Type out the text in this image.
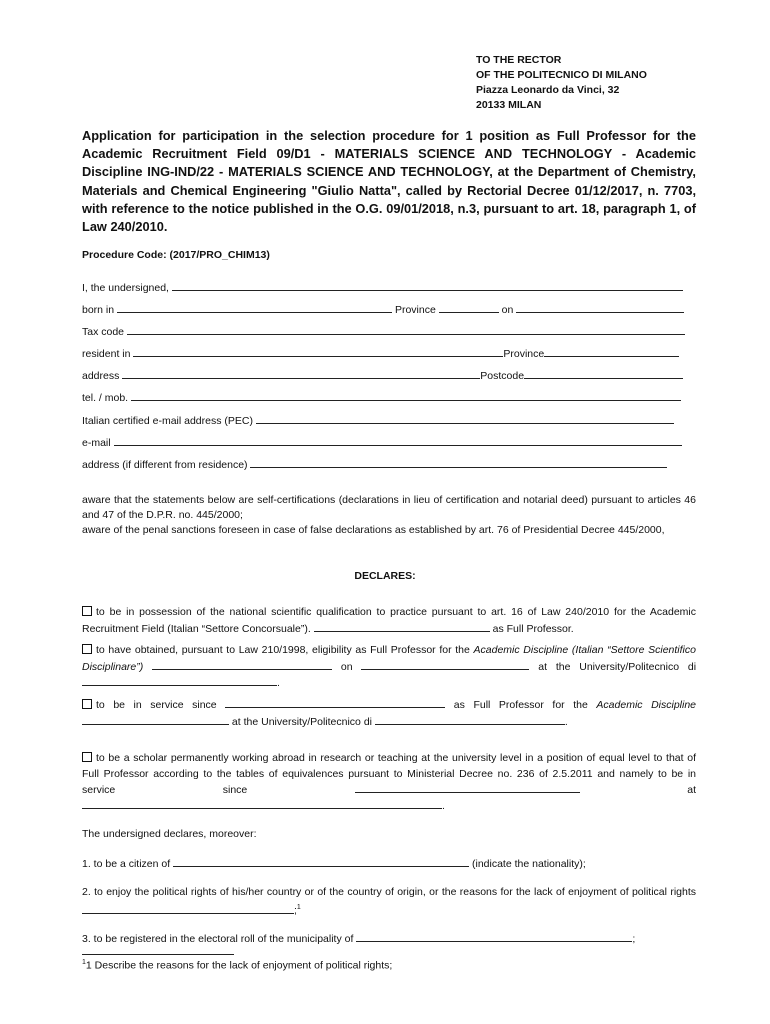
TO THE RECTOR
OF THE POLITECNICO DI MILANO
Piazza Leonardo da Vinci, 32
20133 MILAN
Application for participation in the selection procedure for 1 position as Full Professor for the Academic Recruitment Field 09/D1 - MATERIALS SCIENCE AND TECHNOLOGY - Academic Discipline ING-IND/22 - MATERIALS SCIENCE AND TECHNOLOGY, at the Department of Chemistry, Materials and Chemical Engineering "Giulio Natta", called by Rectorial Decree 01/12/2017, n. 7703, with reference to the notice published in the O.G. 09/01/2018, n.3, pursuant to art. 18, paragraph 1, of Law 240/2010.
Procedure Code: (2017/PRO_CHIM13)
I, the undersigned,
born in	Province	on
Tax code
resident in	Province
address	Postcode
tel. / mob.
Italian certified e-mail address (PEC)
e-mail
address (if different from residence)
aware that the statements below are self-certifications (declarations in lieu of certification and notarial deed) pursuant to articles 46 and 47 of the D.P.R. no. 445/2000;
aware of the penal sanctions foreseen in case of false declarations as established by art. 76 of Presidential Decree 445/2000,
DECLARES:
to be in possession of the national scientific qualification to practice pursuant to art. 16 of Law 240/2010 for the Academic Recruitment Field (Italian “Settore Concorsuale”).	as Full Professor.
to have obtained, pursuant to Law 210/1998, eligibility as Full Professor for the Academic Discipline (Italian “Settore Scientifico Disciplinare”)	on	at the University/Politecnico di .
to be in service since	as Full Professor for the Academic Discipline  at the University/Politecnico di	.
to be a scholar permanently working abroad in research or teaching at the university level in a position of equal level to that of Full Professor according to the tables of equivalences pursuant to Ministerial Decree no. 236 of 2.5.2011 and namely to be in service since	at .
The undersigned declares, moreover:
1. to be a citizen of	(indicate the nationality);
2. to enjoy the political rights of his/her country or of the country of origin, or the reasons for the lack of enjoyment of political rights ;$^1$
3. to be registered in the electoral roll of the municipality of	;
$^1$1 Describe the reasons for the lack of enjoyment of political rights;
